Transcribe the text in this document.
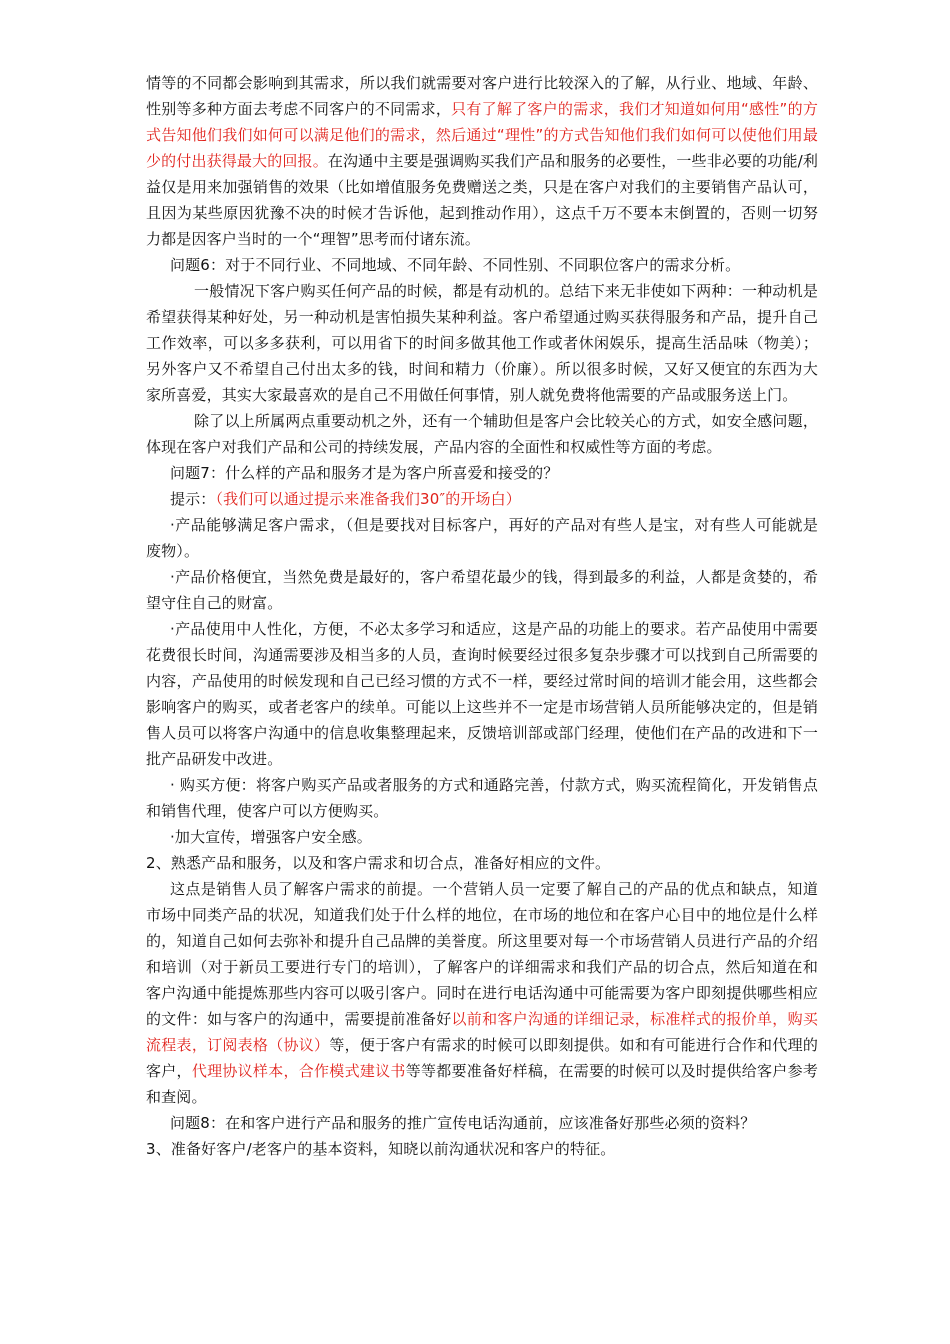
情等的不同都会影响到其需求，所以我们就需要对客户进行比较深入的了解，从行业、地域、年龄、性别等多种方面去考虑不同客户的不同需求，只有了解了客户的需求，我们才知道如何用“感性”的方式告知他们我们如何可以满足他们的需求，然后通过“理性”的方式告知他们我们如何可以使他们用最少的付出获得最大的回报。在沟通中主要是强调购买我们产品和服务的必要性，一些非必要的功能/利益仅是用来加强销售的效果（比如增值服务免费赠送之类，只是在客户对我们的主要销售产品认可，且因为某些原因犹豫不决的时候才告诉他，起到推动作用），这点千万不要本末倒置的，否则一切努力都是因客户当时的一个“理智”思考而付诸东流。

问题6：对于不同行业、不同地域、不同年龄、不同性别、不同职位客户的需求分析。

一般情况下客户购买任何产品的时候，都是有动机的。总结下来无非使如下两种：一种动机是希望获得某种好处，另一种动机是害怕损失某种利益。客户希望通过购买获得服务和产品，提升自己工作效率，可以多多获利，可以用省下的时间多做其他工作或者休闲娱乐，提高生活品味（物美）；另外客户又不希望自己付出太多的钱，时间和精力（价廉）。所以很多时候，又好又便宜的东西为大家所喜爱，其实大家最喜欢的是自己不用做任何事情，别人就免费将他需要的产品或服务送上门。

除了以上所属两点重要动机之外，还有一个辅助但是客户会比较关心的方式，如安全感问题，体现在客户对我们产品和公司的持续发展，产品内容的全面性和权威性等方面的考虑。

问题7：什么样的产品和服务才是为客户所喜爱和接受的？

提示：（我们可以通过提示来准备我们30″的开场白）

·产品能够满足客户需求，（但是要找对目标客户，再好的产品对有些人是宝，对有些人可能就是废物）。

·产品价格便宜，当然免费是最好的，客户希望花最少的钱，得到最多的利益，人都是贪婪的，希望守住自己的财富。

·产品使用中人性化，方便，不必太多学习和适应，这是产品的功能上的要求。若产品使用中需要花费很长时间，沟通需要涉及相当多的人员，查询时候要经过很多复杂步骤才可以找到自己所需要的内容，产品使用的时候发现和自己已经习惯的方式不一样，要经过常时间的培训才能会用，这些都会影响客户的购买，或者老客户的续单。可能以上这些并不一定是市场营销人员所能够决定的，但是销售人员可以将客户沟通中的信息收集整理起来，反馈培训部或部门经理，使他们在产品的改进和下一批产品研发中改进。

· 购买方便：将客户购买产品或者服务的方式和通路完善，付款方式，购买流程简化，开发销售点和销售代理，使客户可以方便购买。

·加大宣传，增强客户安全感。

2、熟悉产品和服务，以及和客户需求和切合点，准备好相应的文件。

这点是销售人员了解客户需求的前提。一个营销人员一定要了解自己的产品的优点和缺点，知道市场中同类产品的状况，知道我们处于什么样的地位，在市场的地位和在客户心目中的地位是什么样的，知道自己如何去弥补和提升自己品牌的美誉度。所这里要对每一个市场营销人员进行产品的介绍和培训（对于新员工要进行专门的培训），了解客户的详细需求和我们产品的切合点，然后知道在和客户沟通中能提炼那些内容可以吸引客户。同时在进行电话沟通中可能需要为客户即刻提供哪些相应的文件：如与客户的沟通中，需要提前准备好以前和客户沟通的详细记录，标准样式的报价单，购买流程表，订阅表格（协议）等，便于客户有需求的时候可以即刻提供。如和有可能进行合作和代理的客户，代理协议样本，合作模式建议书等等都要准备好样稿，在需要的时候可以及时提供给客户参考和查阅。

问题8：在和客户进行产品和服务的推广宣传电话沟通前，应该准备好那些必须的资料？

3、准备好客户/老客户的基本资料，知晓以前沟通状况和客户的特征。
